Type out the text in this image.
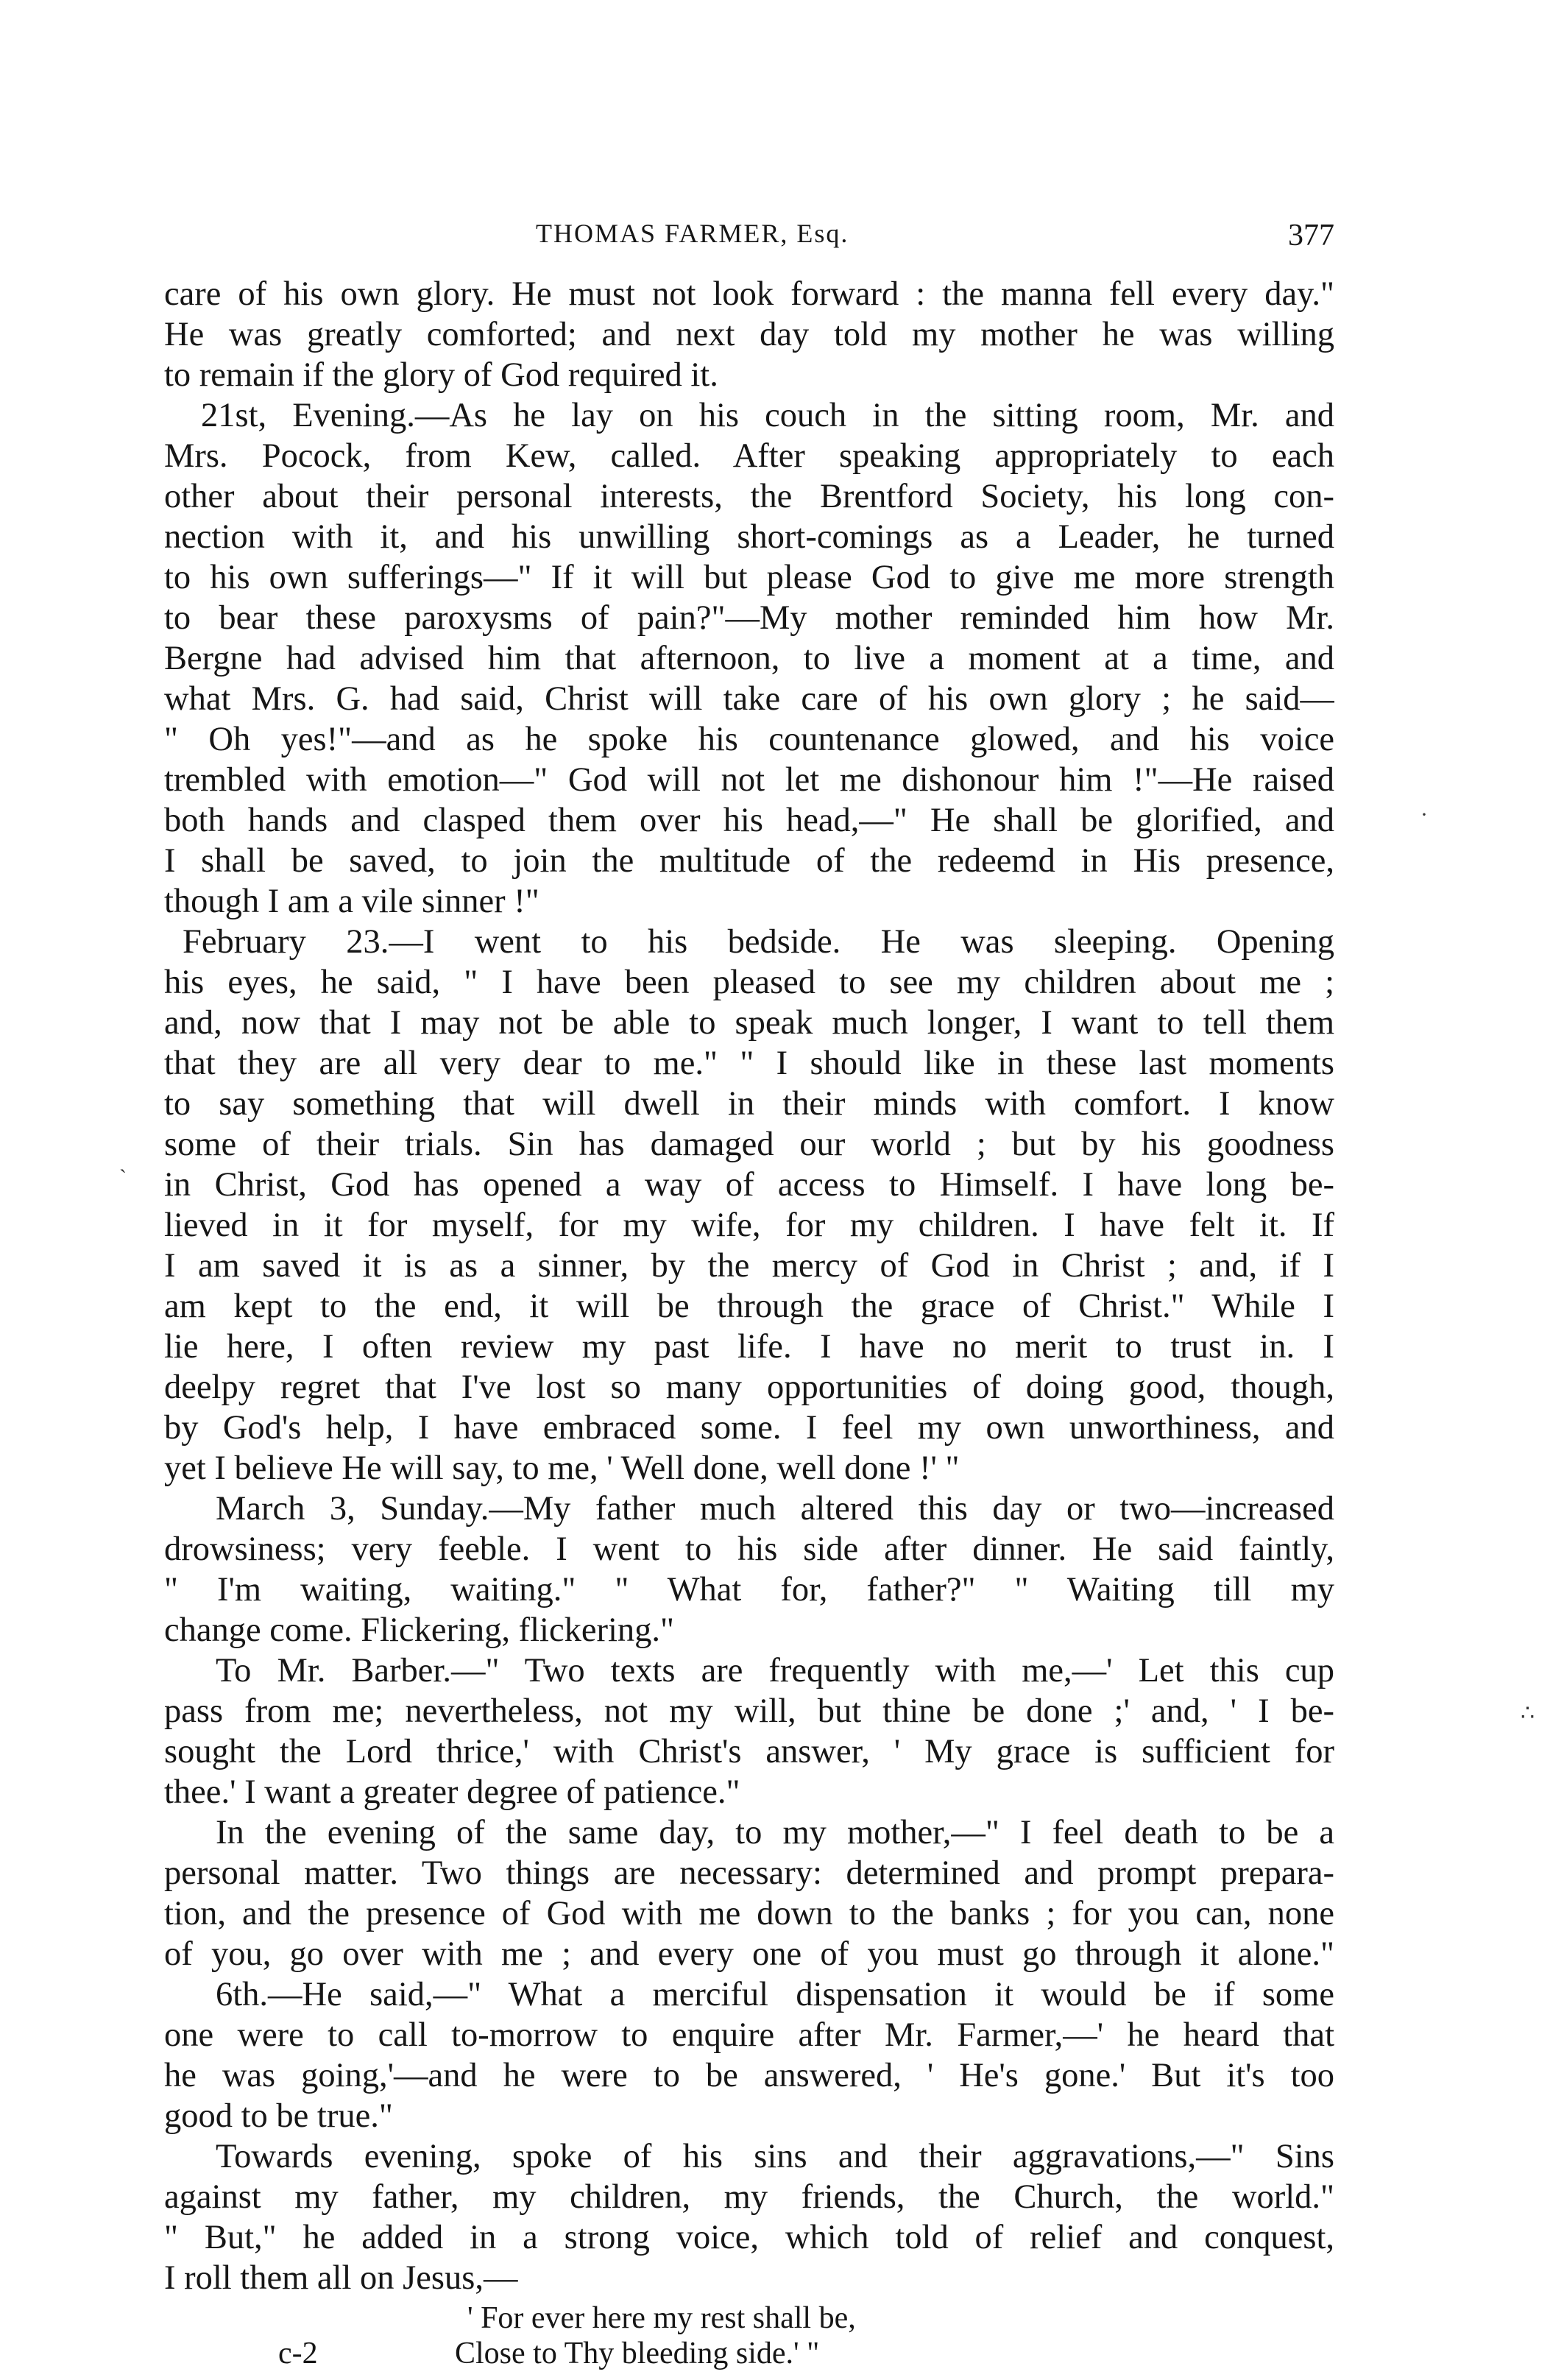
THOMAS FARMER, Esq.	377
care of his own glory. He must not look forward : the manna fell every day."
He was greatly comforted; and next day told my mother he was willing
to remain if the glory of God required it.
21st, Evening.—As he lay on his couch in the sitting room, Mr. and
Mrs. Pocock, from Kew, called. After speaking appropriately to each
other about their personal interests, the Brentford Society, his long con-
nection with it, and his unwilling short-comings as a Leader, he turned
to his own sufferings—" If it will but please God to give me more strength
to bear these paroxysms of pain?"—My mother reminded him how Mr.
Bergne had advised him that afternoon, to live a moment at a time, and
what Mrs. G. had said, Christ will take care of his own glory ; he said—
" Oh yes!"—and as he spoke his countenance glowed, and his voice
trembled with emotion—" God will not let me dishonour him !"—He raised
both hands and clasped them over his head,—" He shall be glorified, and
I shall be saved, to join the multitude of the redeemd in His presence,
though I am a vile sinner !"
February 23.—I went to his bedside. He was sleeping. Opening
his eyes, he said, " I have been pleased to see my children about me ;
and, now that I may not be able to speak much longer, I want to tell them
that they are all very dear to me." " I should like in these last moments
to say something that will dwell in their minds with comfort. I know
some of their trials. Sin has damaged our world ; but by his goodness
in Christ, God has opened a way of access to Himself. I have long be-
lieved in it for myself, for my wife, for my children. I have felt it. If
I am saved it is as a sinner, by the mercy of God in Christ ; and, if I
am kept to the end, it will be through the grace of Christ." While I
lie here, I often review my past life. I have no merit to trust in. I
deelpy regret that I've lost so many opportunities of doing good, though,
by God's help, I have embraced some. I feel my own unworthiness, and
yet I believe He will say, to me, ' Well done, well done !' "
March 3, Sunday.—My father much altered this day or two—increased
drowsiness; very feeble. I went to his side after dinner. He said faintly,
" I'm waiting, waiting." " What for, father?" " Waiting till my
change come. Flickering, flickering."
To Mr. Barber.—" Two texts are frequently with me,—' Let this cup
pass from me; nevertheless, not my will, but thine be done ;' and, ' I be-
sought the Lord thrice,' with Christ's answer, ' My grace is sufficient for
thee.' I want a greater degree of patience."
In the evening of the same day, to my mother,—" I feel death to be a
personal matter. Two things are necessary: determined and prompt prepara-
tion, and the presence of God with me down to the banks ; for you can, none
of you, go over with me ; and every one of you must go through it alone."
6th.—He said,—" What a merciful dispensation it would be if some
one were to call to-morrow to enquire after Mr. Farmer,—' he heard that
he was going,'—and he were to be answered, ' He's gone.' But it's too
good to be true."
Towards evening, spoke of his sins and their aggravations,—" Sins
against my father, my children, my friends, the Church, the world."
" But," he added in a strong voice, which told of relief and conquest,
I roll them all on Jesus,—
' For ever here my rest shall be,
Close to Thy bleeding side.' "
c-2
·
˴
∴
